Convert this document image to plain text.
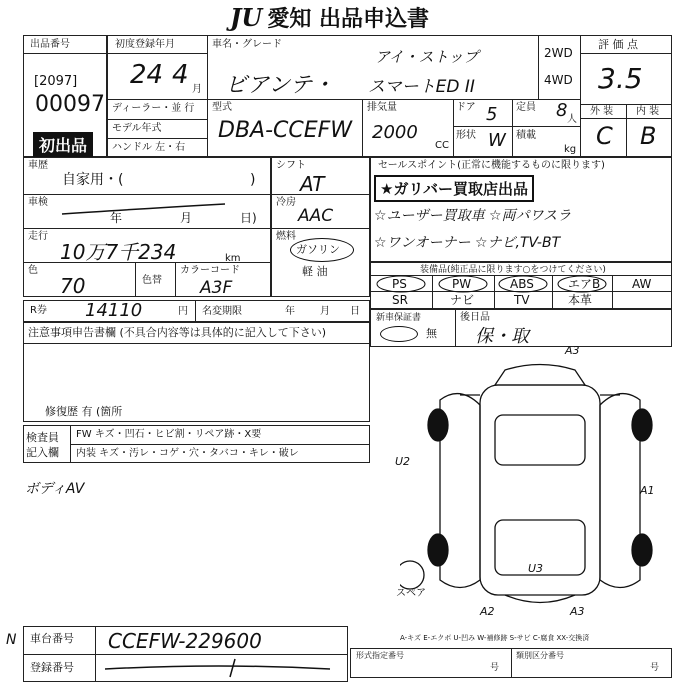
JU 愛知 出品申込書
出品番号
[2097]
00097
初出品
初度登録年月
24 4 月
ディーラー・並 行
モデル年式
ハンドル 左・右
車名・グレード
ビアンテ・
アイ・ストップ
スマートED II
2WD
4WD
評 価 点
3.5
外 装 内 装
C B
型式
DBA-CCEFW
排気量
2000
CC
ドア 5 定員 8 人
形状 W 積載
kg
車歴
自家用・(	)
車検
年	月	日)
走行
10万7千234	km
色
70	色替
カラーコード
A3F
シフト
AT
冷房
AAC
燃料
ガソリン
軽 油
セールスポイント(正常に機能するものに限ります)
★ガリバー買取店出品
☆ユーザー買取車 ☆両パワスラ
☆ワンオーナー ☆ナビ,TV-BT
装備品(純正品に限ります○をつけてください)
PS	PW	ABS	エアB	AW
SR	ナビ	TV	本革
R券 14110	円 名変期限	年	月 日
新車保証書
無
後日品
保・取
注意事項申告書欄 (不具合内容等は具体的に記入して下さい)
修復歴 有 (箇所
検査員
記入欄
FW キズ・凹石・ヒビ割・リペア跡・X要
内装 キズ・汚レ・コゲ・穴・タバコ・キレ・破レ
ボディAV
A3
U2
A1
U3
A2	A3
スペア
A-キズ E-エクボ U-凹み W-補修跡 S-サビ C-腐食 XX-交換済
N 車台番号 CCEFW-229600
登録番号
形式指定番号
号
類別区分番号
号
